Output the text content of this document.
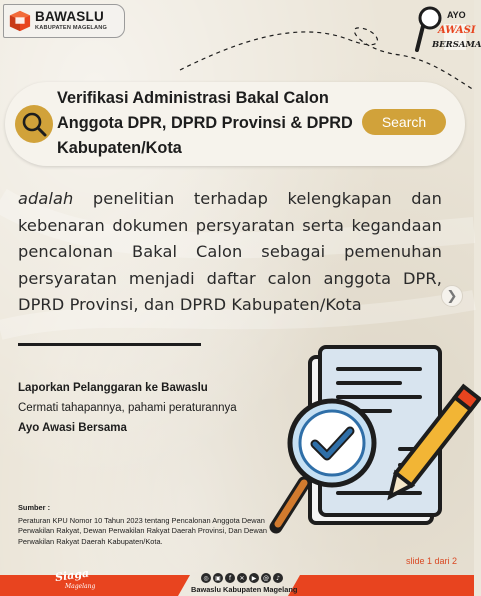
BAWASLU
KABUPATEN MAGELANG
AYO
AWASI
BERSAMA
Verifikasi Administrasi Bakal Calon Anggota DPR, DPRD Provinsi & DPRD Kabupaten/Kota
Search

adalah penelitian terhadap kelengkapan dan kebenaran dokumen persyaratan serta kegandaan pencalonan Bakal Calon sebagai pemenuhan persyaratan menjadi daftar calon anggota DPR, DPRD Provinsi, dan DPRD Kabupaten/Kota	❯
Laporkan Pelanggaran ke Bawaslu
Cermati tahapannya, pahami peraturannya
Ayo Awasi Bersama
Sumber :
Peraturan KPU Nomor 10 Tahun 2023 tentang Pencalonan Anggota Dewan Perwakilan Rakyat, Dewan Perwakilan Rakyat Daerah Provinsi, Dan Dewan Perwakilan Rakyat Daerah Kabupaten/Kota.
slide 1 dari 2
Siaga
Magelang
◎	▣	f	✕	▶	@	♪
Bawaslu Kabupaten Magelang
